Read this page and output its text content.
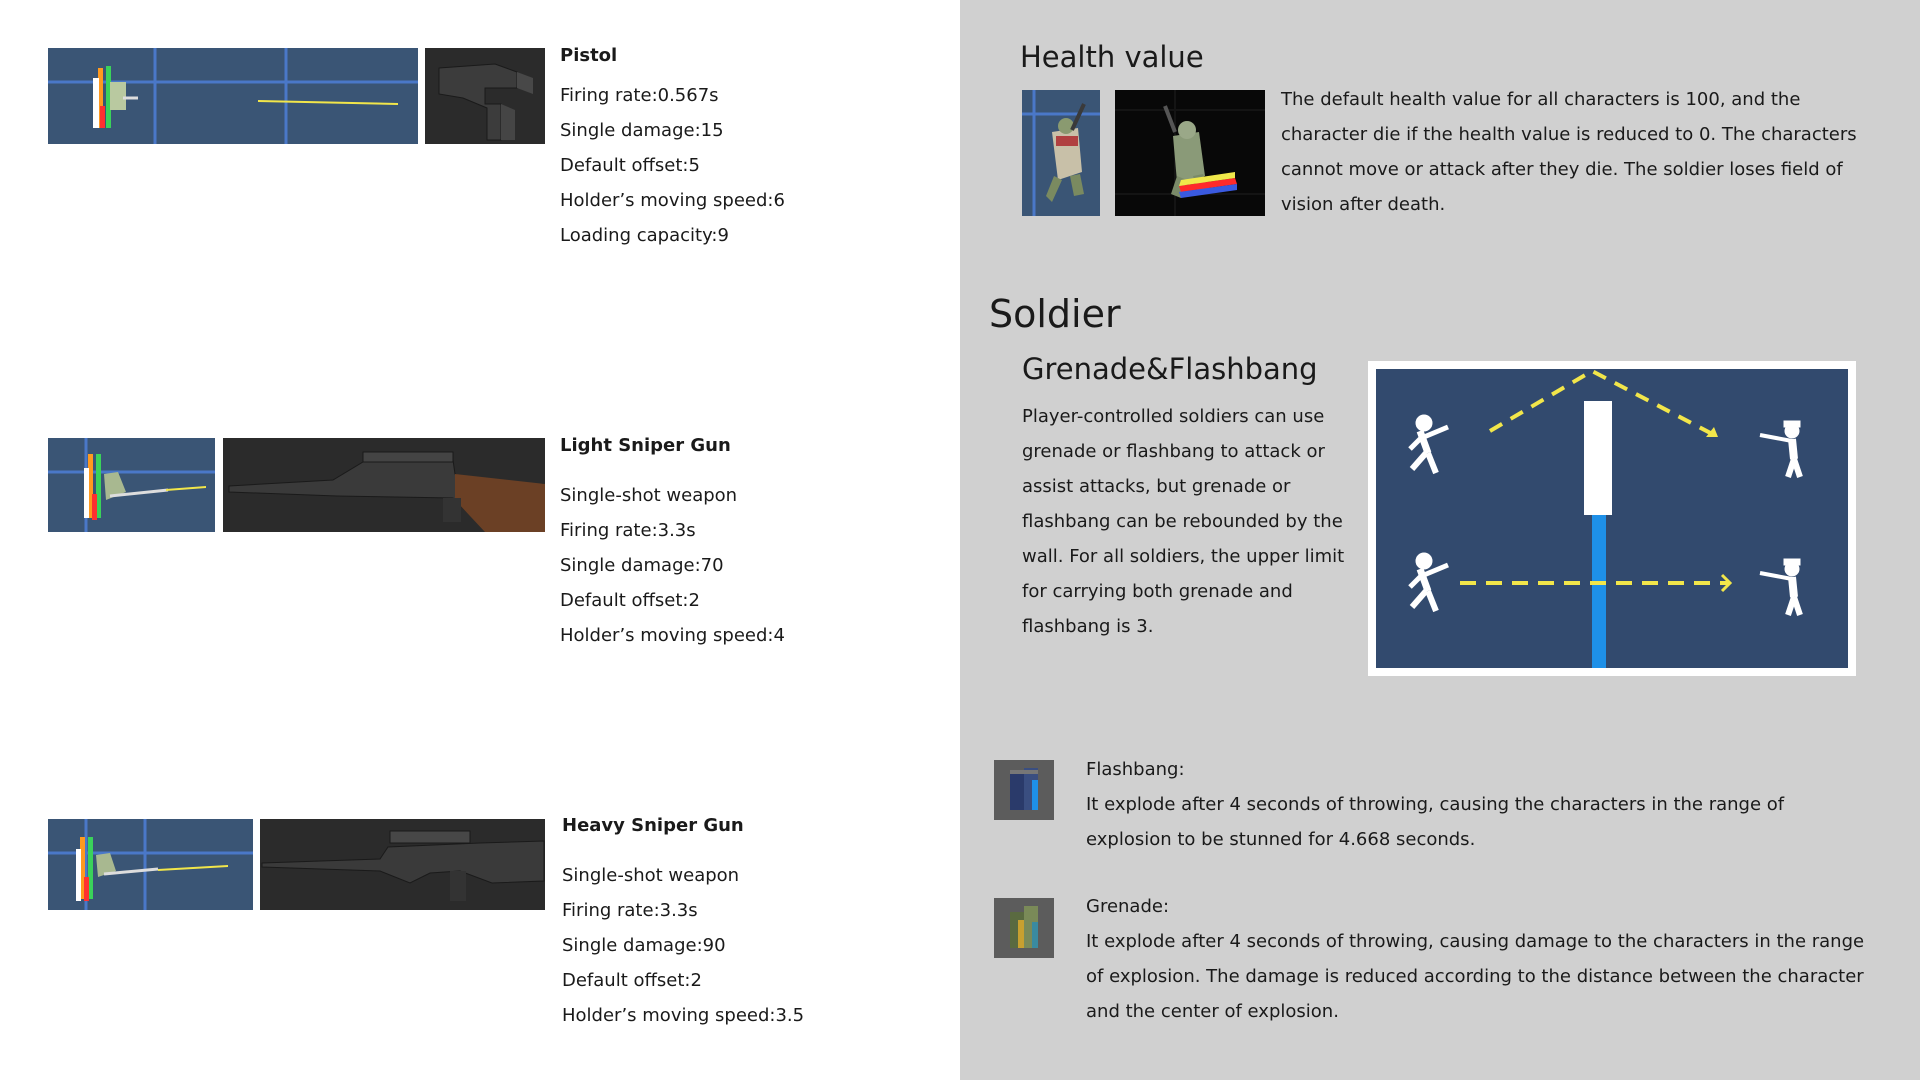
Pistol
Firing rate:0.567s
Single damage:15
Default offset:5
Holder’s moving speed:6
Loading capacity:9
Light Sniper Gun
Single-shot weapon
Firing rate:3.3s
Single damage:70
Default offset:2
Holder’s moving speed:4
Heavy Sniper Gun
Single-shot weapon
Firing rate:3.3s
Single damage:90
Default offset:2
Holder’s moving speed:3.5
Health value
The default health value for all characters is 100, and the character die if the health value is reduced to 0. The characters cannot move or attack after they die. The soldier loses field of vision after death.
Soldier
Grenade&Flashbang
Player-controlled soldiers can use grenade or flashbang to attack or assist attacks, but grenade or flashbang can be rebounded by the wall. For all soldiers, the upper limit for carrying both grenade and flashbang is 3.
Flashbang:
It explode after 4 seconds of throwing, causing the characters in the range of explosion to be stunned for 4.668 seconds.
Grenade:
It explode after 4 seconds of throwing, causing damage to the characters in the range of explosion. The damage is reduced according to the distance between the character and the center of explosion.
